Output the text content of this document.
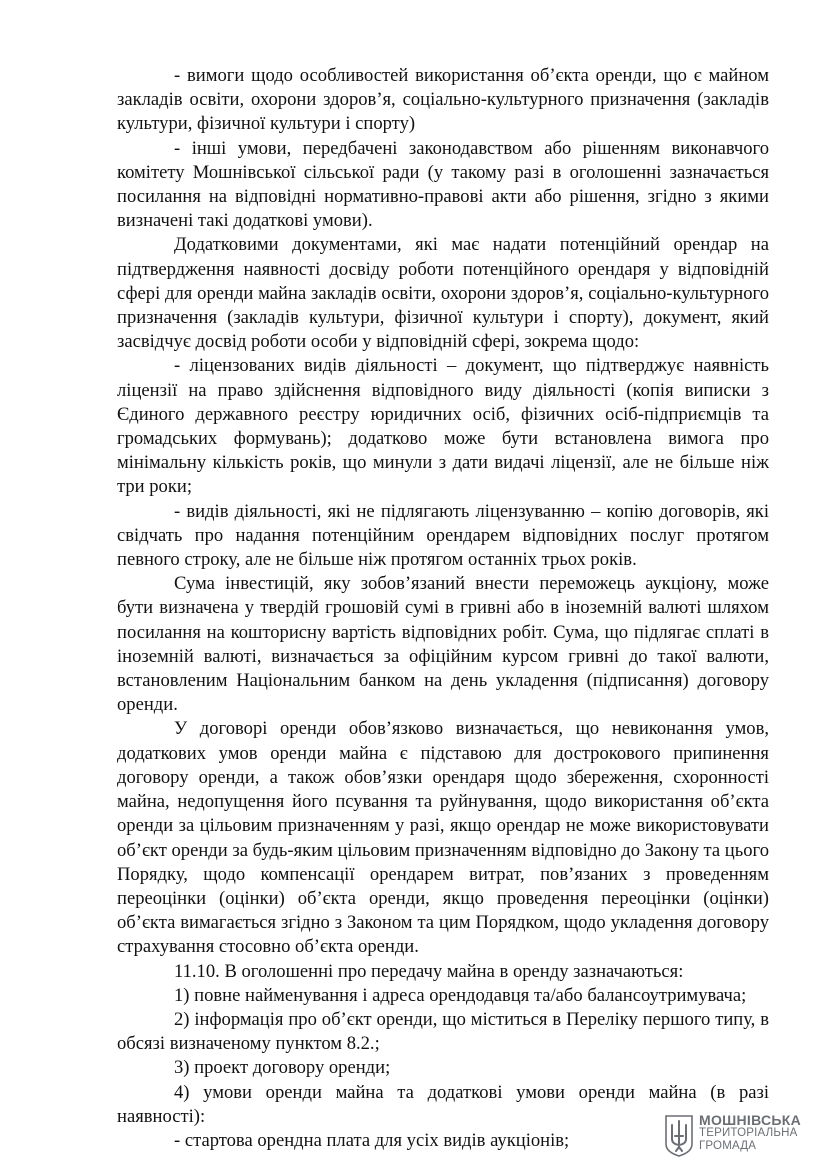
- вимоги щодо особливостей використання об’єкта оренди, що є майном закладів освіти, охорони здоров’я, соціально-культурного призначення (закладів культури, фізичної культури і спорту)

- інші умови, передбачені законодавством або рішенням виконавчого комітету Мошнівської сільської ради (у такому разі в оголошенні зазначається посилання на відповідні нормативно-правові акти або рішення, згідно з якими визначені такі додаткові умови).

Додатковими документами, які має надати потенційний орендар на підтвердження наявності досвіду роботи потенційного орендаря у відповідній сфері для оренди майна закладів освіти, охорони здоров’я, соціально-культурного призначення (закладів культури, фізичної культури і спорту), документ, який засвідчує досвід роботи особи у відповідній сфері, зокрема щодо:

- ліцензованих видів діяльності – документ, що підтверджує наявність ліцензії на право здійснення відповідного виду діяльності (копія виписки з Єдиного державного реєстру юридичних осіб, фізичних осіб-підприємців та громадських формувань); додатково може бути встановлена вимога про мінімальну кількість років, що минули з дати видачі ліцензії, але не більше ніж три роки;

- видів діяльності, які не підлягають ліцензуванню – копію договорів, які свідчать про надання потенційним орендарем відповідних послуг протягом певного строку, але не більше ніж протягом останніх трьох років.

Сума інвестицій, яку зобов’язаний внести переможець аукціону, може бути визначена у твердій грошовій сумі в гривні або в іноземній валюті шляхом посилання на кошторисну вартість відповідних робіт. Сума, що підлягає сплаті в іноземній валюті, визначається за офіційним курсом гривні до такої валюти, встановленим Національним банком на день укладення (підписання) договору оренди.

У договорі оренди обов’язково визначається, що невиконання умов, додаткових умов оренди майна є підставою для дострокового припинення договору оренди, а також обов’язки орендаря щодо збереження, схоронності майна, недопущення його псування та руйнування, щодо використання об’єкта оренди за цільовим призначенням у разі, якщо орендар не може використовувати об’єкт оренди за будь-яким цільовим призначенням відповідно до Закону та цього Порядку, щодо компенсації орендарем витрат, пов’язаних з проведенням переоцінки (оцінки) об’єкта оренди, якщо проведення переоцінки (оцінки) об’єкта вимагається згідно з Законом та цим Порядком, щодо укладення договору страхування стосовно об’єкта оренди.

11.10. В оголошенні про передачу майна в оренду зазначаються:

1) повне найменування і адреса орендодавця та/або балансоутримувача;

2) інформація про об’єкт оренди, що міститься в Переліку першого типу, в обсязі визначеному пунктом 8.2.;

3) проект договору оренди;

4) умови оренди майна та додаткові умови оренди майна (в разі наявності):

- стартова орендна плата для усіх видів аукціонів;

МОШНІВСЬКА
ТЕРИТОРІАЛЬНА
ГРОМАДА
